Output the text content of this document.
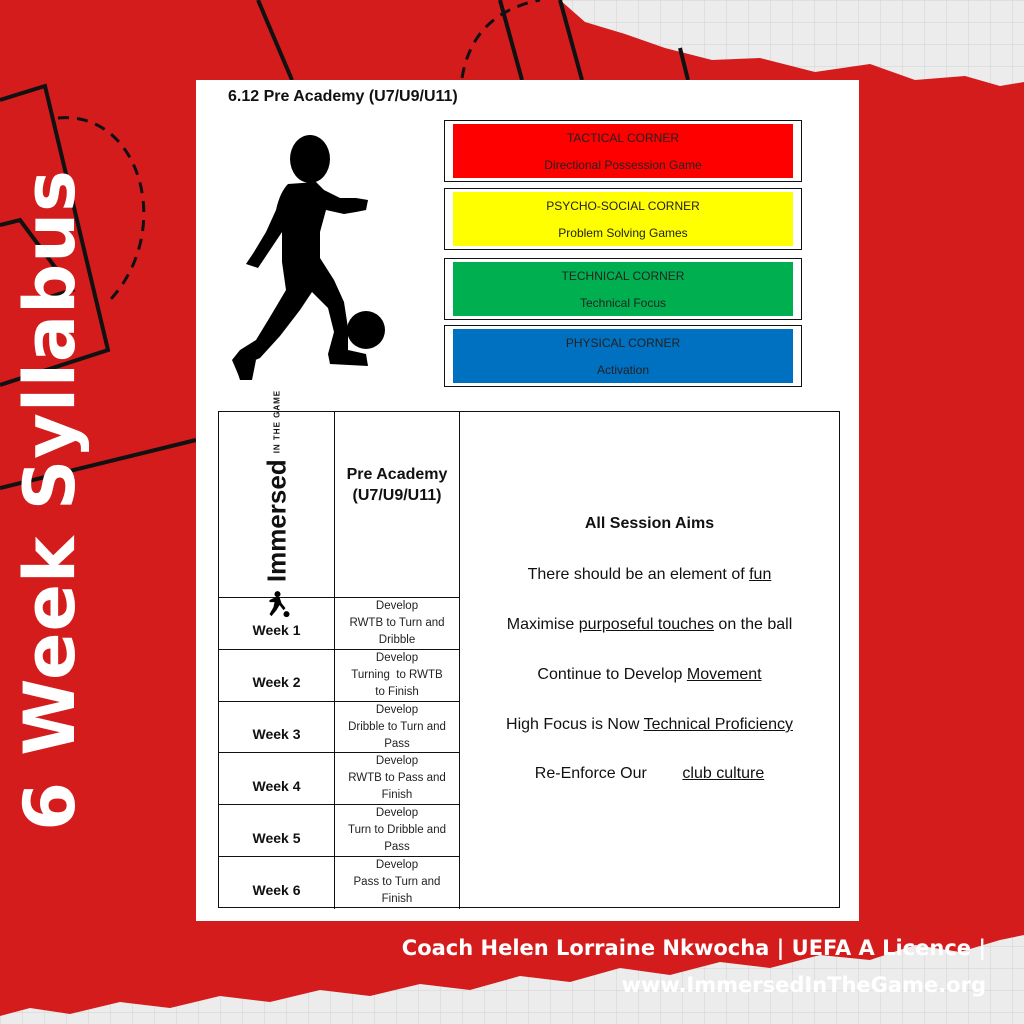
6 Week Syllabus
6.12 Pre Academy (U7/U9/U11)
TACTICAL CORNER
Directional Possession Game
PSYCHO-SOCIAL CORNER
Problem Solving Games
TECHNICAL CORNER
Technical Focus
PHYSICAL CORNER
Activation
Immersed
IN THE GAME
Pre Academy
(U7/U9/U11)
Week 1
Develop
RWTB to Turn and
Dribble
Week 2
Develop
Turning  to RWTB
to Finish
Week 3
Develop
Dribble to Turn and
Pass
Week 4
Develop
RWTB to Pass and
Finish
Week 5
Develop
Turn to Dribble and
Pass
Week 6
Develop
Pass to Turn and
Finish
All Session Aims
There should be an element of fun
Maximise purposeful touches on the ball
Continue to Develop Movement
High Focus is Now Technical Proficiency
Re-Enforce Our        club culture
Coach Helen Lorraine Nkwocha | UEFA A Licence |
www.ImmersedInTheGame.org
